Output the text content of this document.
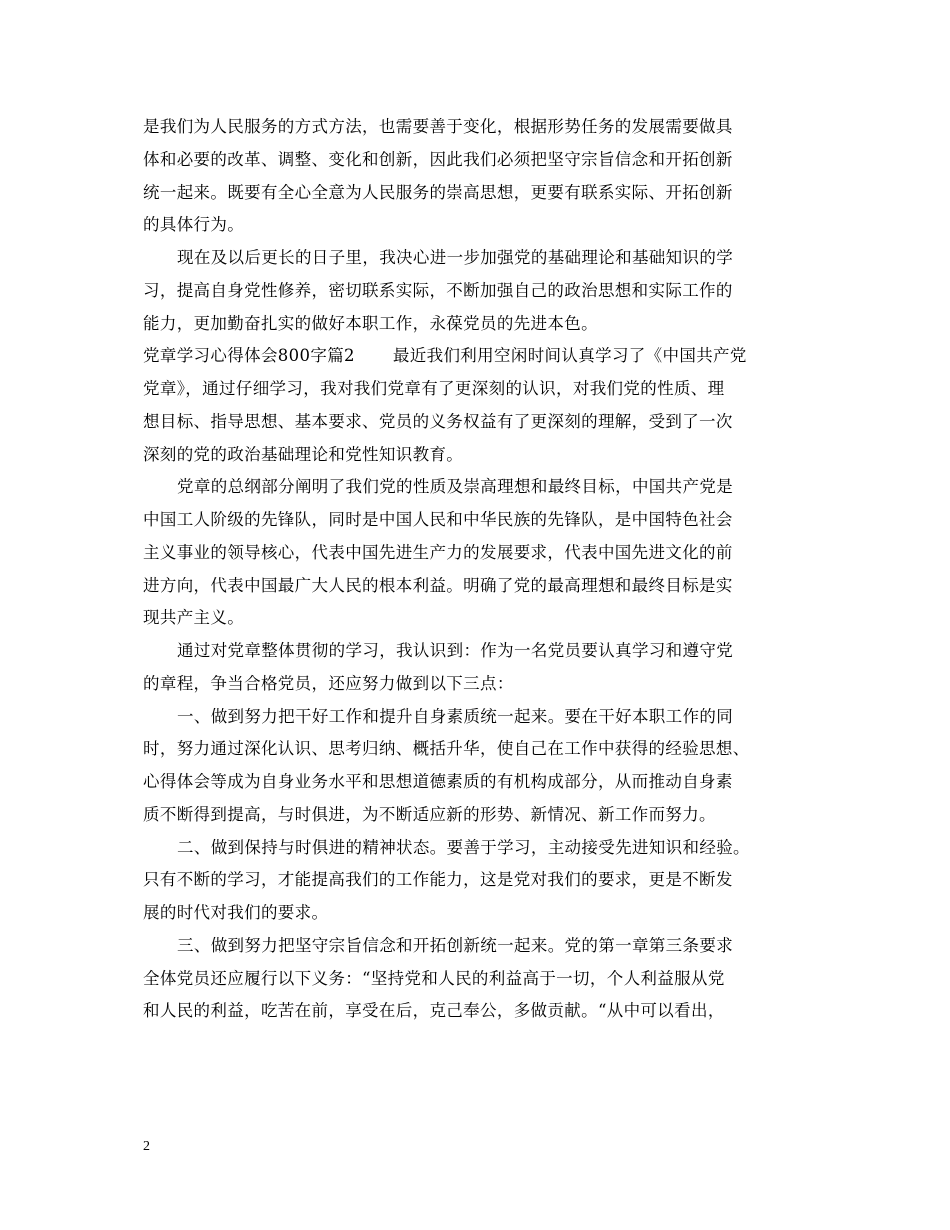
是我们为人民服务的方式方法，也需要善于变化，根据形势任务的发展需要做具
体和必要的改革、调整、变化和创新，因此我们必须把坚守宗旨信念和开拓创新
统一起来。既要有全心全意为人民服务的崇高思想，更要有联系实际、开拓创新
的具体行为。
现在及以后更长的日子里，我决心进一步加强党的基础理论和基础知识的学
习，提高自身党性修养，密切联系实际，不断加强自己的政治思想和实际工作的
能力，更加勤奋扎实的做好本职工作，永葆党员的先进本色。
党章学习心得体会800字篇2 最近我们利用空闲时间认真学习了《中国共产党
党章》，通过仔细学习，我对我们党章有了更深刻的认识，对我们党的性质、理
想目标、指导思想、基本要求、党员的义务权益有了更深刻的理解，受到了一次
深刻的党的政治基础理论和党性知识教育。
党章的总纲部分阐明了我们党的性质及崇高理想和最终目标，中国共产党是
中国工人阶级的先锋队，同时是中国人民和中华民族的先锋队，是中国特色社会
主义事业的领导核心，代表中国先进生产力的发展要求，代表中国先进文化的前
进方向，代表中国最广大人民的根本利益。明确了党的最高理想和最终目标是实
现共产主义。
通过对党章整体贯彻的学习，我认识到：作为一名党员要认真学习和遵守党
的章程，争当合格党员，还应努力做到以下三点：
一、做到努力把干好工作和提升自身素质统一起来。要在干好本职工作的同
时，努力通过深化认识、思考归纳、概括升华，使自己在工作中获得的经验思想、
心得体会等成为自身业务水平和思想道德素质的有机构成部分，从而推动自身素
质不断得到提高，与时俱进，为不断适应新的形势、新情况、新工作而努力。
二、做到保持与时俱进的精神状态。要善于学习，主动接受先进知识和经验。
只有不断的学习，才能提高我们的工作能力，这是党对我们的要求，更是不断发
展的时代对我们的要求。
三、做到努力把坚守宗旨信念和开拓创新统一起来。党的第一章第三条要求
全体党员还应履行以下义务：“坚持党和人民的利益高于一切，个人利益服从党
和人民的利益，吃苦在前，享受在后，克己奉公，多做贡献。“从中可以看出，
2
